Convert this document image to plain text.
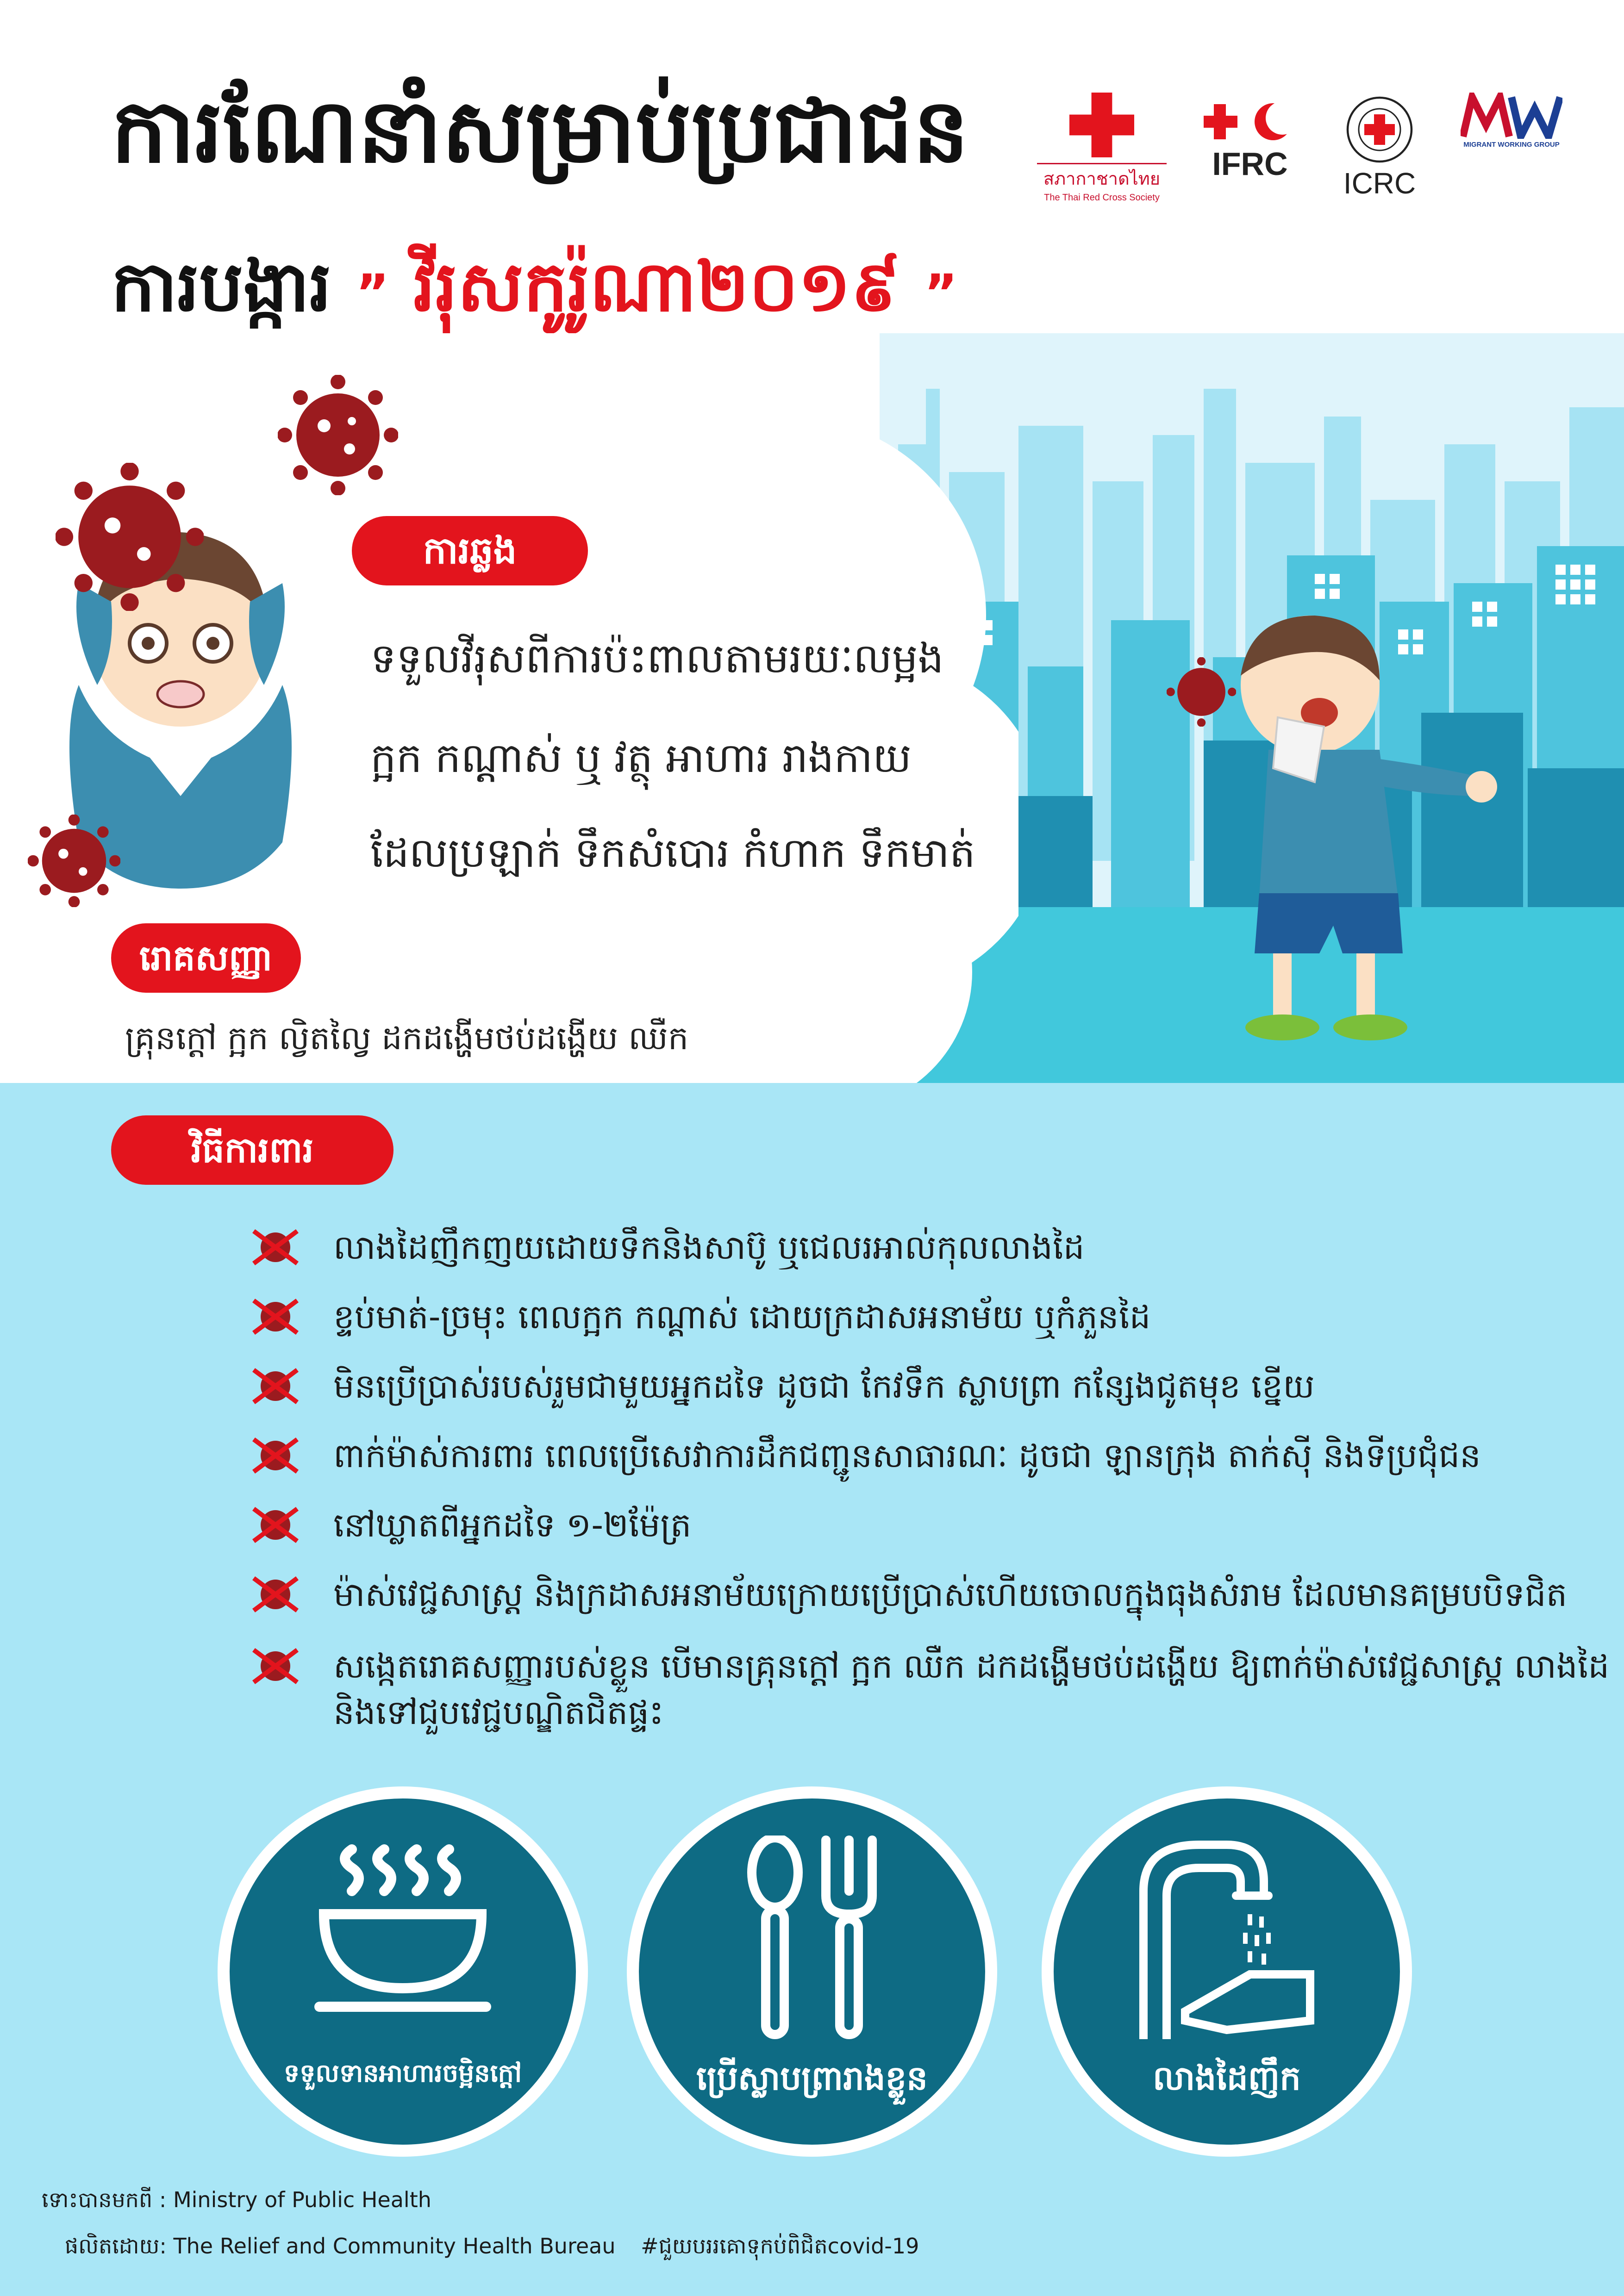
ការណែនាំសម្រាប់ប្រជាជន
ការបង្ការ ” វីរុសកូរ៉ូណា២០១៩ ”
สภากาชาดไทย
The Thai Red Cross Society
IFRC
ICRC
MIGRANT WORKING GROUP
ការឆ្លង
ទទួលវីរុសពីការប៉ះពាលតាមរយៈលម្អង
ក្អក កណ្តាស់ ឬ វត្ថុ អាហារ រាងកាយ
ដែលប្រឡាក់ ទឹកសំបោរ កំហាក ទឹកមាត់
រោគសញ្ញា
គ្រុនក្តៅ ក្អក ល្វិតល្វៃ ដកដង្ហើមថប់ដង្ហើយ ឈឺក
វិធីការពារ
លាងដៃញឹកញយដោយទឹកនិងសាប៊ូ ឬជេលរអាល់កុលលាងដៃ
ខ្ទប់មាត់-ច្រមុះ ពេលក្អក កណ្តាស់ ដោយក្រដាសអនាម័យ ឬកំភួនដៃ
មិនប្រើប្រាស់របស់រួមជាមួយអ្នកដទៃ ដូចជា កែវទឹក ស្លាបព្រា កន្សែងជូតមុខ ខ្នើយ
ពាក់ម៉ាស់ការពារ ពេលប្រើសេវាការដឹកជញ្ជូនសាធារណៈ ដូចជា ឡានក្រុង តាក់ស៊ី និងទីប្រជុំជន
នៅឃ្លាតពីអ្នកដទៃ ១-២ម៉ែត្រ
ម៉ាស់វេជ្ជសាស្ត្រ និងក្រដាសអនាម័យក្រោយប្រើប្រាស់ហើយចោលក្នុងធុងសំរាម ដែលមានគម្របបិទជិត
សង្កេតរោគសញ្ញារបស់ខ្លួន បើមានគ្រុនក្តៅ ក្អក ឈឺក ដកដង្ហើមថប់ដង្ហើយ ឱ្យពាក់ម៉ាស់វេជ្ជសាស្ត្រ លាងដៃ
និងទៅជួបវេជ្ជបណ្ឌិតជិតផ្ទះ
ទទួលទានអាហារចម្អិនក្តៅ	ប្រើស្លាបព្រារាងខ្លួន	លាងដៃញឹក
ទោះបានមកពី : Ministry of Public Health
ផលិតដោយ: The Relief and Community Health Bureau #ជួយបររគោទុកប់ពិជិតcovid-19
